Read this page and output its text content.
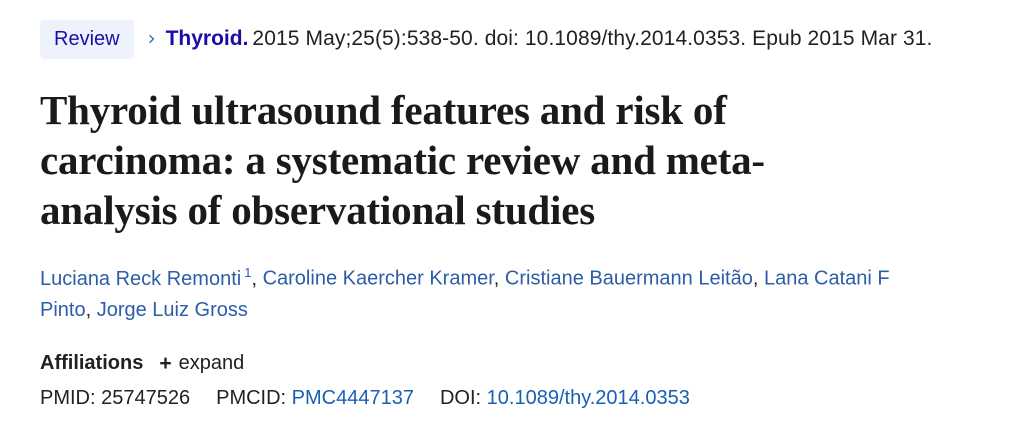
Review	› Thyroid. 2015 May;25(5):538-50. doi: 10.1089/thy.2014.0353. Epub 2015 Mar 31.
Thyroid ultrasound features and risk of carcinoma: a systematic review and meta-analysis of observational studies
Luciana Reck Remonti $^1$, Caroline Kaercher Kramer, Cristiane Bauermann Leitão, Lana Catani F Pinto, Jorge Luiz Gross
Affiliations + expand
PMID: 25747526 PMCID: PMC4447137 DOI: 10.1089/thy.2014.0353
